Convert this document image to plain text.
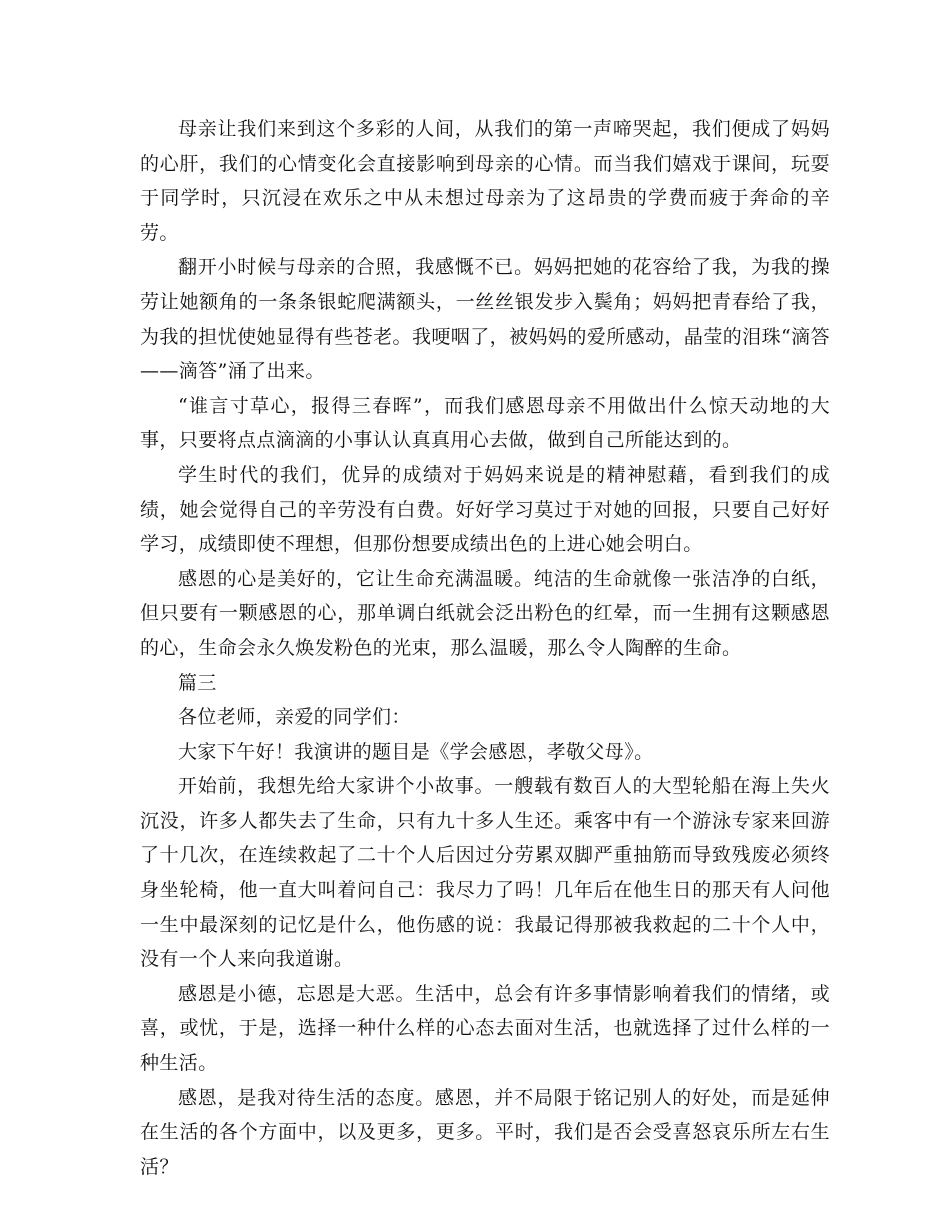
母亲让我们来到这个多彩的人间，从我们的第一声啼哭起，我们便成了妈妈的心肝，我们的心情变化会直接影响到母亲的心情。而当我们嬉戏于课间，玩耍于同学时，只沉浸在欢乐之中从未想过母亲为了这昂贵的学费而疲于奔命的辛劳。

翻开小时候与母亲的合照，我感慨不已。妈妈把她的花容给了我，为我的操劳让她额角的一条条银蛇爬满额头，一丝丝银发步入鬓角；妈妈把青春给了我，为我的担忧使她显得有些苍老。我哽咽了，被妈妈的爱所感动，晶莹的泪珠“滴答——滴答”涌了出来。

“谁言寸草心，报得三春晖”，而我们感恩母亲不用做出什么惊天动地的大事，只要将点点滴滴的小事认认真真用心去做，做到自己所能达到的。

学生时代的我们，优异的成绩对于妈妈来说是的精神慰藉，看到我们的成绩，她会觉得自己的辛劳没有白费。好好学习莫过于对她的回报，只要自己好好学习，成绩即使不理想，但那份想要成绩出色的上进心她会明白。

感恩的心是美好的，它让生命充满温暖。纯洁的生命就像一张洁净的白纸，但只要有一颗感恩的心，那单调白纸就会泛出粉色的红晕，而一生拥有这颗感恩的心，生命会永久焕发粉色的光束，那么温暖，那么令人陶醉的生命。

篇三

各位老师，亲爱的同学们：

大家下午好！我演讲的题目是《学会感恩，孝敬父母》。

开始前，我想先给大家讲个小故事。一艘载有数百人的大型轮船在海上失火沉没，许多人都失去了生命，只有九十多人生还。乘客中有一个游泳专家来回游了十几次，在连续救起了二十个人后因过分劳累双脚严重抽筋而导致残废必须终身坐轮椅，他一直大叫着问自己：我尽力了吗！几年后在他生日的那天有人问他一生中最深刻的记忆是什么，他伤感的说：我最记得那被我救起的二十个人中，没有一个人来向我道谢。

感恩是小德，忘恩是大恶。生活中，总会有许多事情影响着我们的情绪，或喜，或忧，于是，选择一种什么样的心态去面对生活，也就选择了过什么样的一种生活。

感恩，是我对待生活的态度。感恩，并不局限于铭记别人的好处，而是延伸在生活的各个方面中，以及更多，更多。平时，我们是否会受喜怒哀乐所左右生活？
